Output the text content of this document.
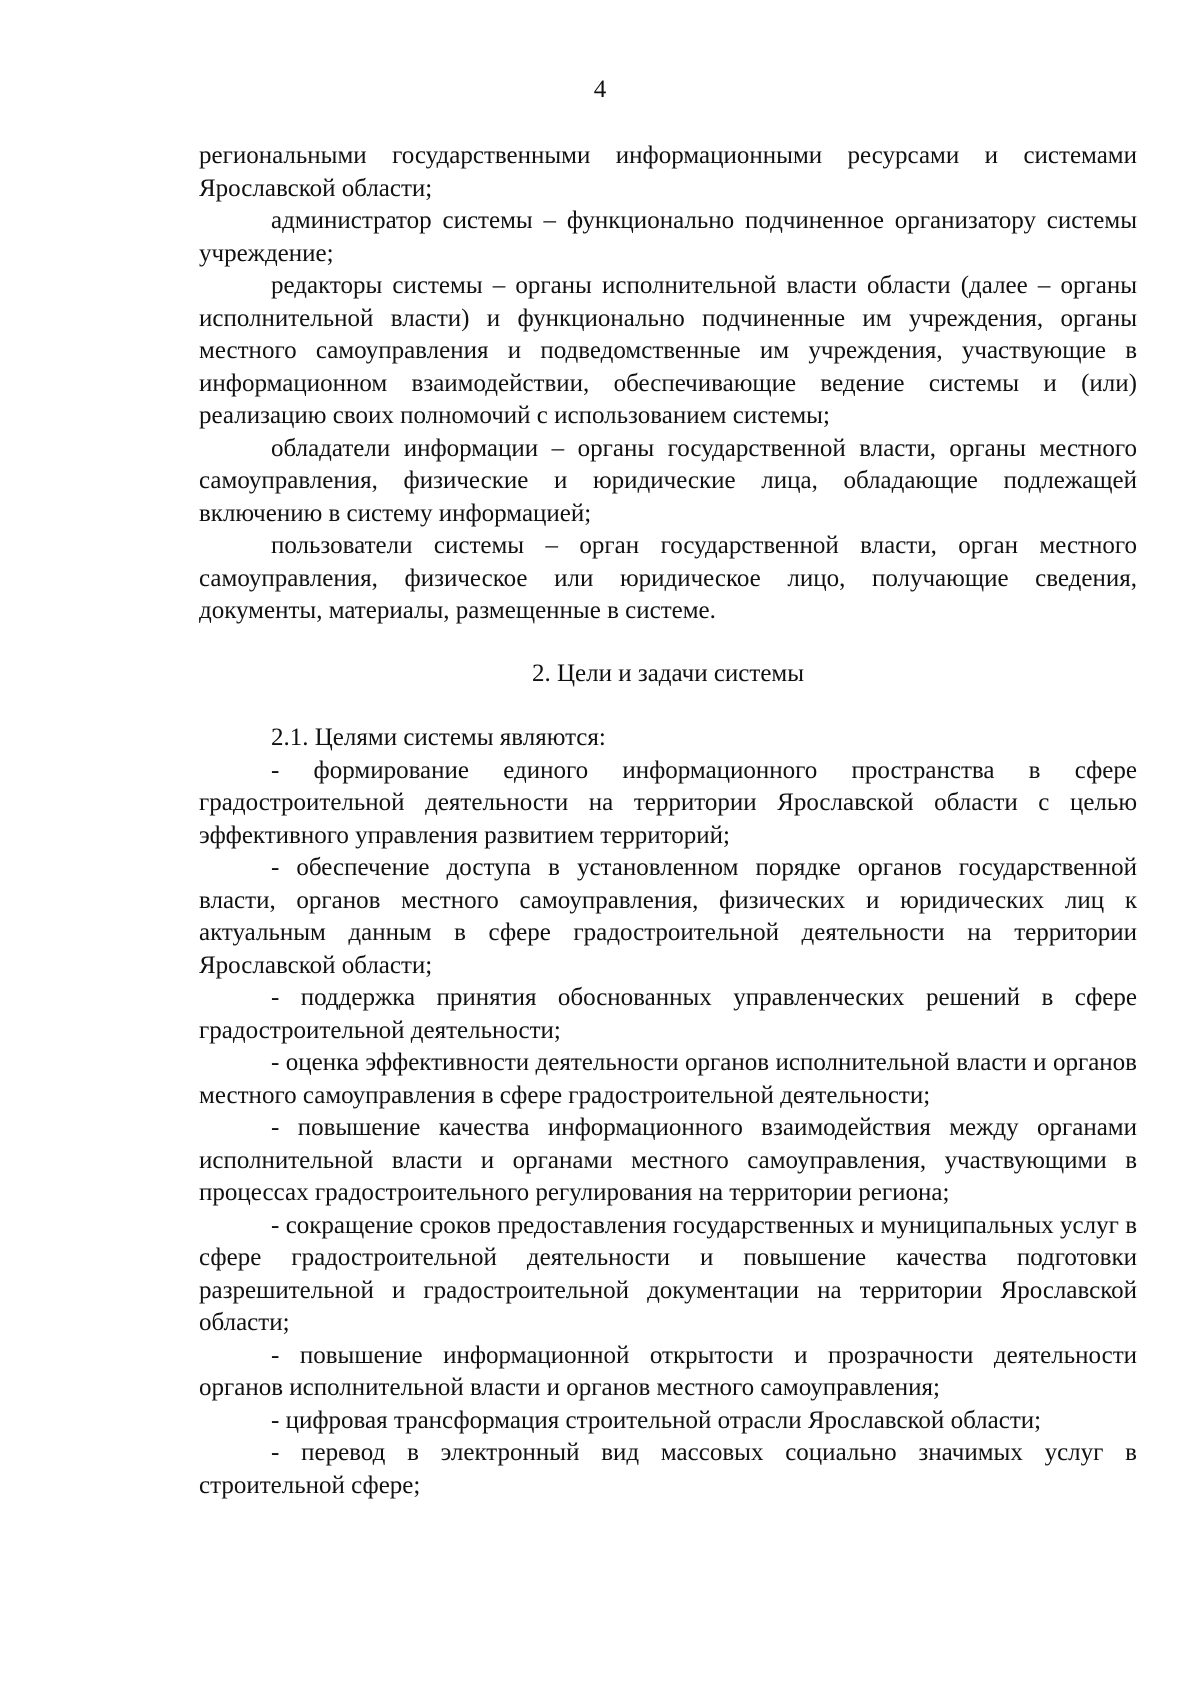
4

региональными государственными информационными ресурсами и системами Ярославской области;

администратор системы – функционально подчиненное организатору системы учреждение;

редакторы системы – органы исполнительной власти области (далее – органы исполнительной власти) и функционально подчиненные им учреждения, органы местного самоуправления и подведомственные им учреждения, участвующие в информационном взаимодействии, обеспечивающие ведение системы и (или) реализацию своих полномочий с использованием системы;

обладатели информации – органы государственной власти, органы местного самоуправления, физические и юридические лица, обладающие подлежащей включению в систему информацией;

пользователи системы – орган государственной власти, орган местного самоуправления, физическое или юридическое лицо, получающие сведения, документы, материалы, размещенные в системе.

2. Цели и задачи системы

2.1. Целями системы являются:

- формирование единого информационного пространства в сфере градостроительной деятельности на территории Ярославской области с целью эффективного управления развитием территорий;

- обеспечение доступа в установленном порядке органов государственной власти, органов местного самоуправления, физических и юридических лиц к актуальным данным в сфере градостроительной деятельности на территории Ярославской области;

- поддержка принятия обоснованных управленческих решений в сфере градостроительной деятельности;

- оценка эффективности деятельности органов исполнительной власти и органов местного самоуправления в сфере градостроительной деятельности;

- повышение качества информационного взаимодействия между органами исполнительной власти и органами местного самоуправления, участвующими в процессах градостроительного регулирования на территории региона;

- сокращение сроков предоставления государственных и муниципальных услуг в сфере градостроительной деятельности и повышение качества подготовки разрешительной и градостроительной документации на территории Ярославской области;

- повышение информационной открытости и прозрачности деятельности органов исполнительной власти и органов местного самоуправления;

- цифровая трансформация строительной отрасли Ярославской области;

- перевод в электронный вид массовых социально значимых услуг в строительной сфере;
